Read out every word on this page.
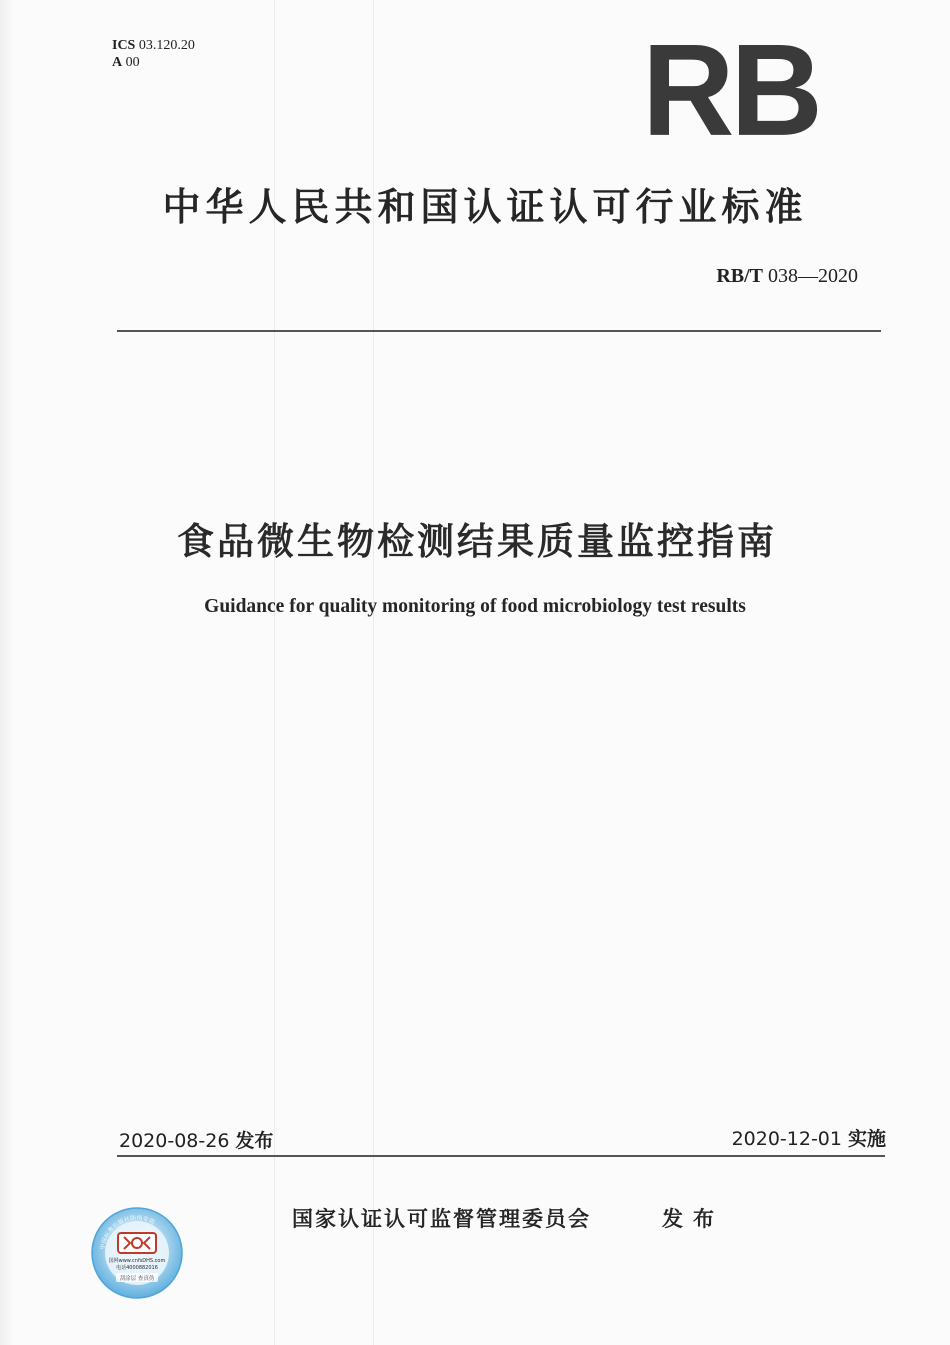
ICS 03.120.20
A 00	RB
中华人民共和国认证认可行业标准
RB/T 038—2020
食品微生物检测结果质量监控指南
Guidance for quality monitoring of food microbiology test results
2020-08-26 发布	2020-12-01 实施
中国标准出版社防伪专用
国网www.cnfsDHS.com
电话4000882016
刮涂层 查真伪
国家认证认可监督管理委员会	发布
